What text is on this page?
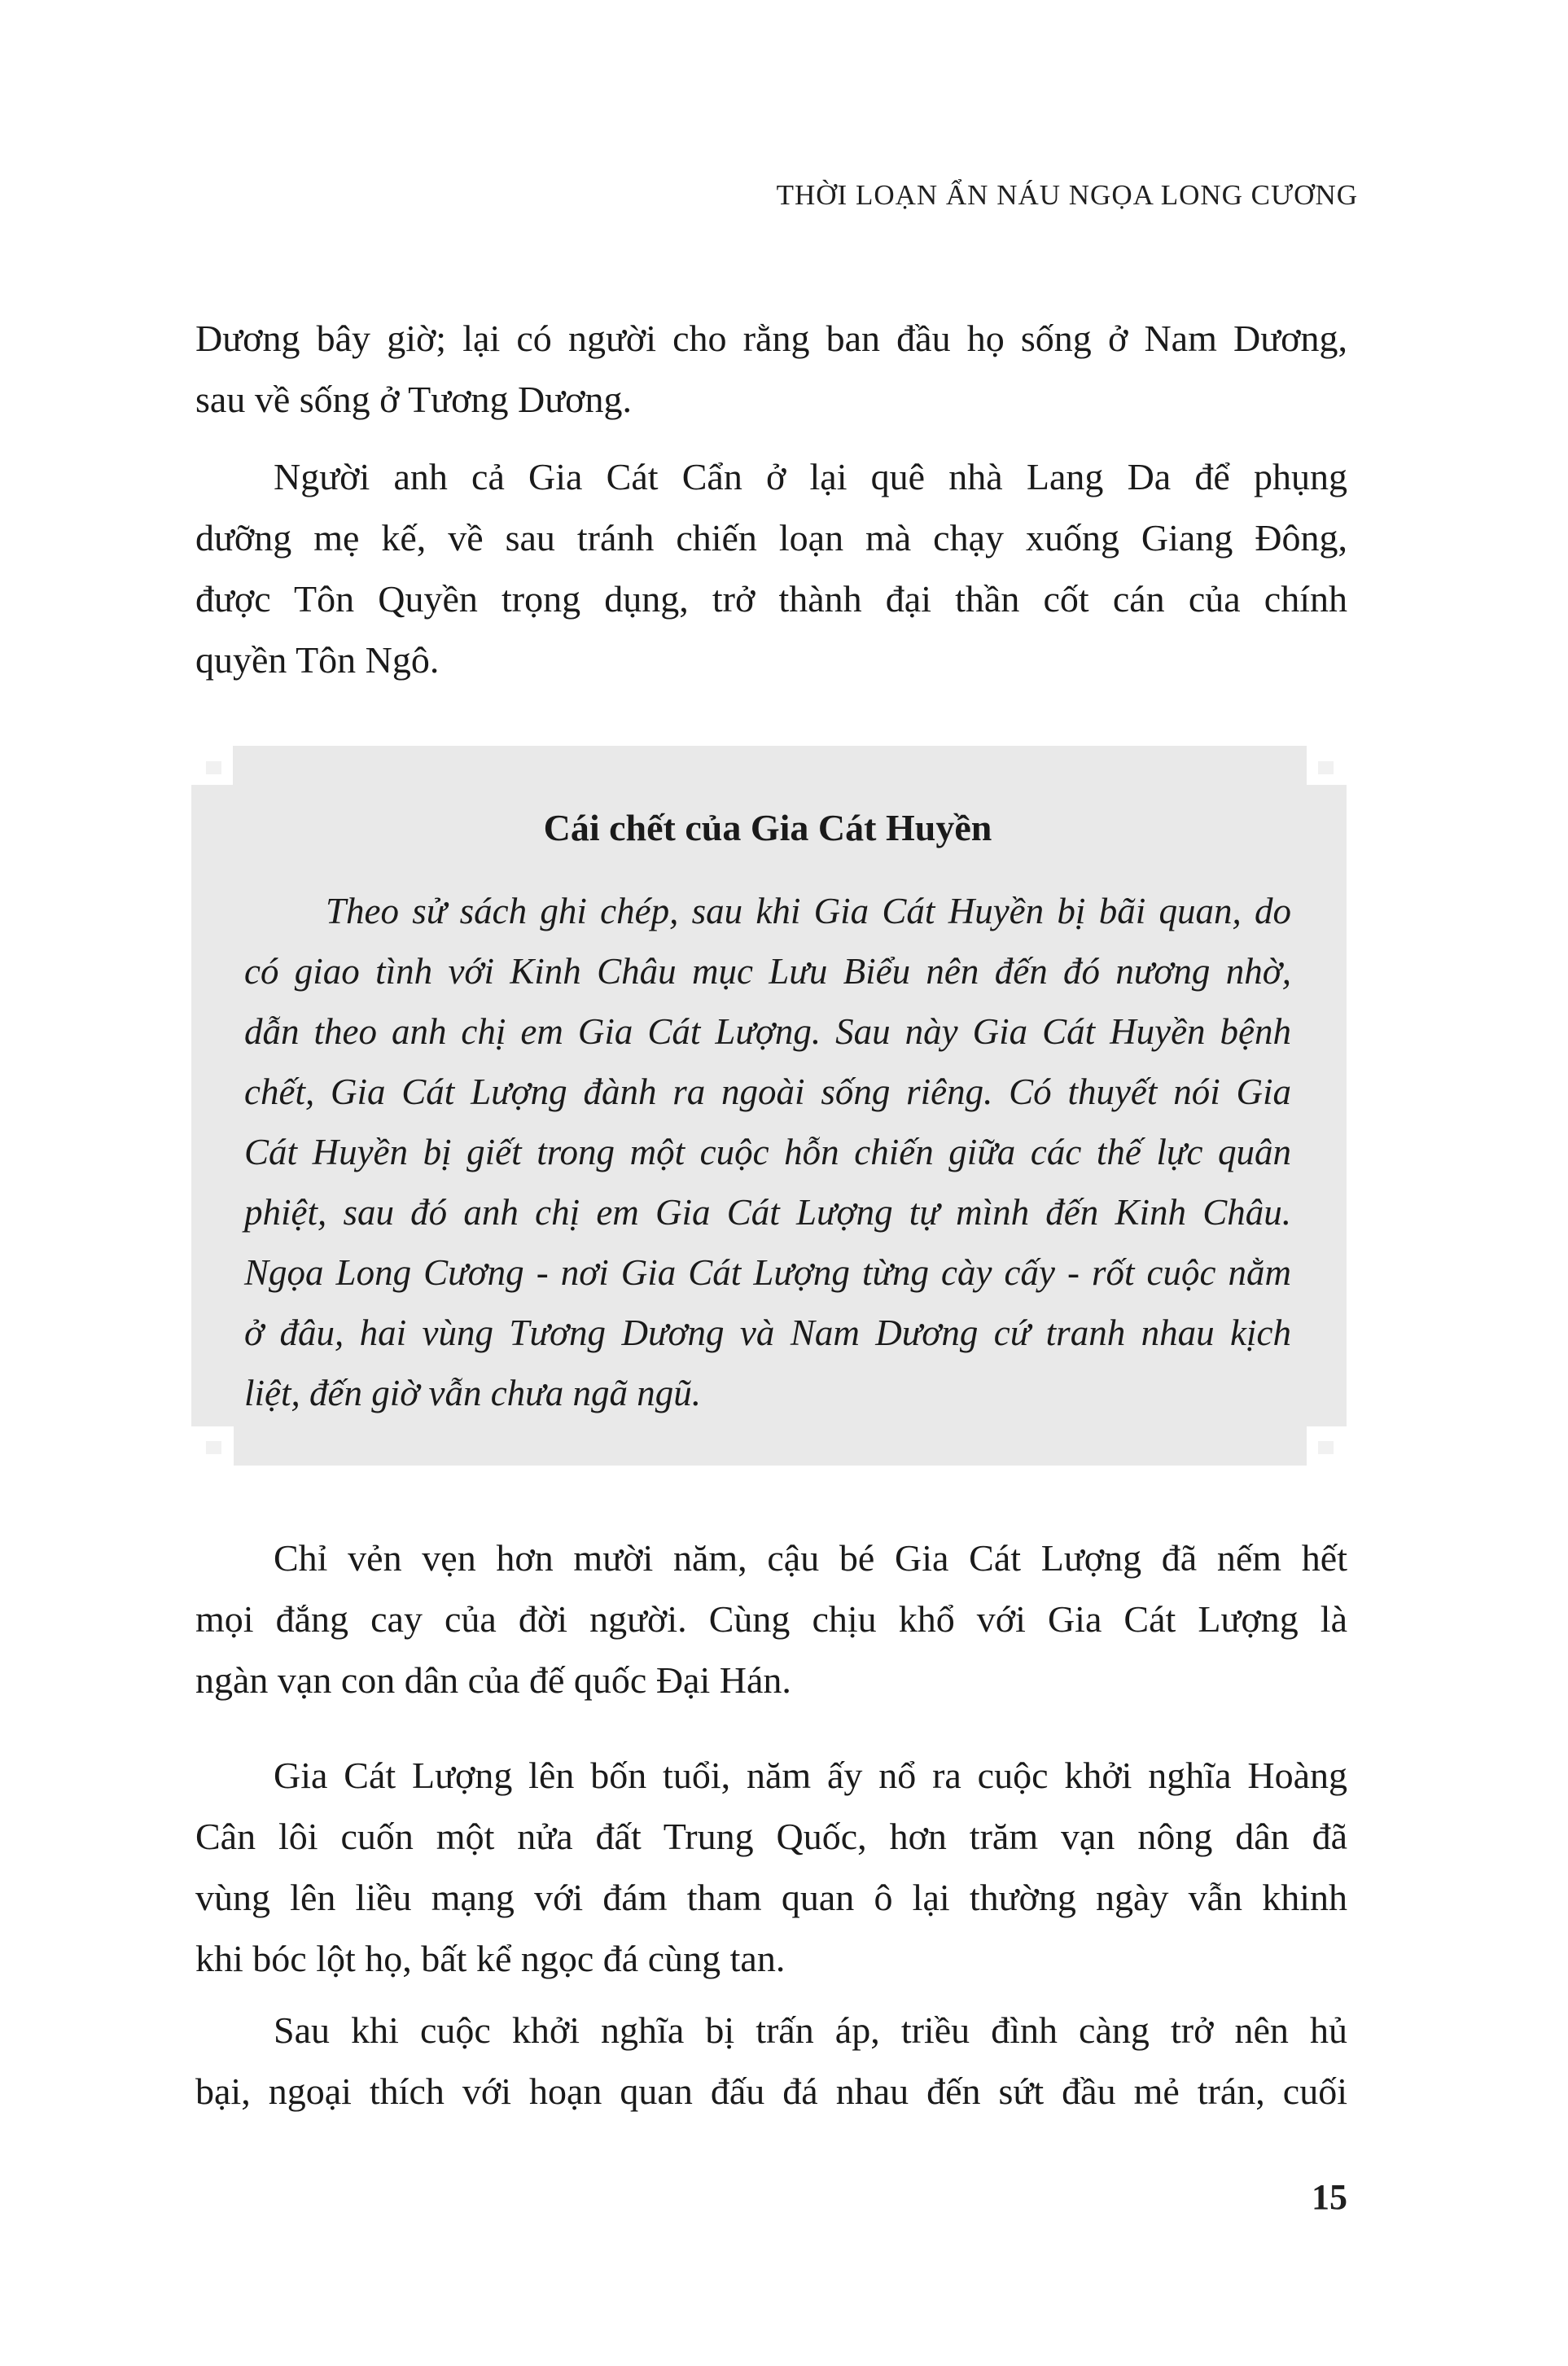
THỜI LOẠN ẨN NÁU NGỌA LONG CƯƠNG
Dương bây giờ; lại có người cho rằng ban đầu họ sống ở Nam Dương,
sau về sống ở Tương Dương.
Người anh cả Gia Cát Cẩn ở lại quê nhà Lang Da để phụng
dưỡng mẹ kế, về sau tránh chiến loạn mà chạy xuống Giang Đông,
được Tôn Quyền trọng dụng, trở thành đại thần cốt cán của chính
quyền Tôn Ngô.
Cái chết của Gia Cát Huyền
Theo sử sách ghi chép, sau khi Gia Cát Huyền bị bãi quan, do
có giao tình với Kinh Châu mục Lưu Biểu nên đến đó nương nhờ,
dẫn theo anh chị em Gia Cát Lượng. Sau này Gia Cát Huyền bệnh
chết, Gia Cát Lượng đành ra ngoài sống riêng. Có thuyết nói Gia
Cát Huyền bị giết trong một cuộc hỗn chiến giữa các thế lực quân
phiệt, sau đó anh chị em Gia Cát Lượng tự mình đến Kinh Châu.
Ngọa Long Cương - nơi Gia Cát Lượng từng cày cấy - rốt cuộc nằm
ở đâu, hai vùng Tương Dương và Nam Dương cứ tranh nhau kịch
liệt, đến giờ vẫn chưa ngã ngũ.
Chỉ vẻn vẹn hơn mười năm, cậu bé Gia Cát Lượng đã nếm hết
mọi đắng cay của đời người. Cùng chịu khổ với Gia Cát Lượng là
ngàn vạn con dân của đế quốc Đại Hán.
Gia Cát Lượng lên bốn tuổi, năm ấy nổ ra cuộc khởi nghĩa Hoàng
Cân lôi cuốn một nửa đất Trung Quốc, hơn trăm vạn nông dân đã
vùng lên liều mạng với đám tham quan ô lại thường ngày vẫn khinh
khi bóc lột họ, bất kể ngọc đá cùng tan.
Sau khi cuộc khởi nghĩa bị trấn áp, triều đình càng trở nên hủ
bại, ngoại thích với hoạn quan đấu đá nhau đến sứt đầu mẻ trán, cuối
15
